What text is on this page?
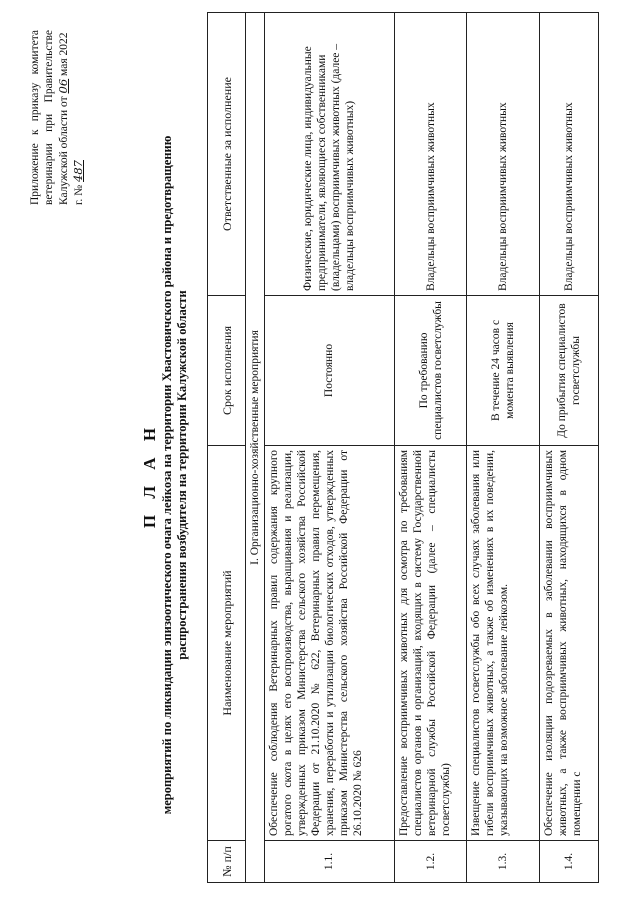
Приложение
к
приказу
комитета
ветеринарии
при
Правительстве
Калужской области от 06 мая 2022 г. № 487
П Л А Н мероприятий по ликвидации эпизоотического очага лейкоза на территории Хвастовичского района и предотвращению распространения возбудителя на территории Калужской области
№ п/п	Наименование мероприятий	Срок исполнения	Ответственные за исполнение
I. Организационно-хозяйственные мероприятия			
1.1.	Обеспечение соблюдения Ветеринарных правил содержания крупного рогатого скота в целях его воспроизводства, выращивания и реализации, утвержденных приказом Министерства сельского хозяйства Российской Федерации от 21.10.2020 № 622, Ветеринарных правил перемещения, хранения, переработки и утилизации биологических отходов, утвержденных приказом Министерства сельского хозяйства Российской Федерации от 26.10.2020 № 626	Постоянно	Физические, юридические лица, индивидуальные предприниматели, являющиеся собственниками (владельцами) восприимчивых животных (далее – владельцы восприимчивых животных)
1.2.	Предоставление восприимчивых животных для осмотра по требованиям специалистов органов и организаций, входящих в систему Государственной ветеринарной службы Российской Федерации (далее – специалисты госветслужбы)	По требованию специалистов госветслужбы	Владельцы восприимчивых животных
1.3.	Извещение специалистов госветслужбы обо всех случаях заболевания или гибели восприимчивых животных, а также об изменениях в их поведении, указывающих на возможное заболевание лейкозом.	В течение 24 часов с момента выявления	Владельцы восприимчивых животных
1.4.	Обеспечение изоляции подозреваемых в заболевании восприимчивых животных, а также восприимчивых животных, находящихся в одном помещении с	До прибытия специалистов госветслужбы	Владельцы восприимчивых животных
